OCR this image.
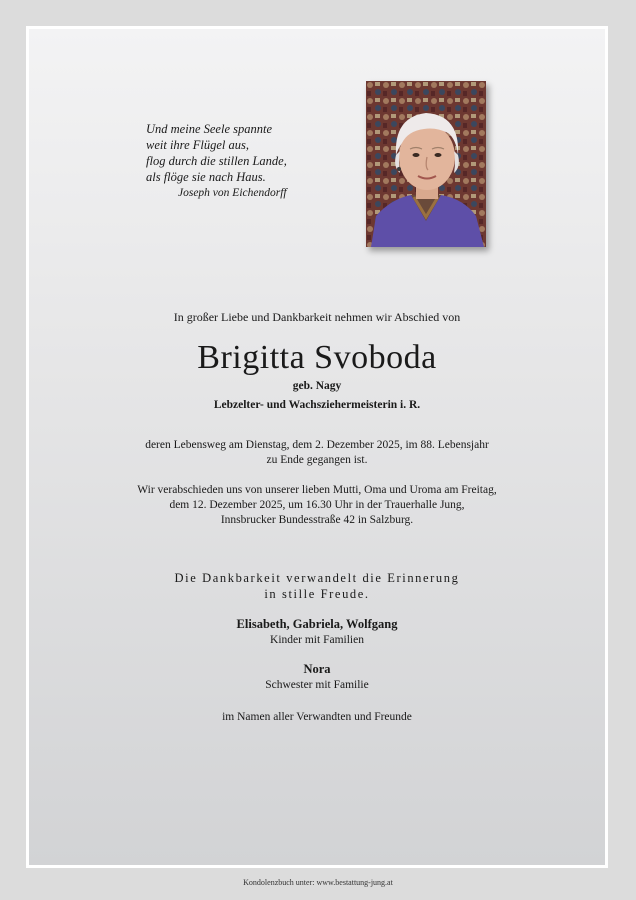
Und meine Seele spannte
weit ihre Flügel aus,
flog durch die stillen Lande,
als flöge sie nach Haus.
Joseph von Eichendorff
In großer Liebe und Dankbarkeit nehmen wir Abschied von
Brigitta Svoboda
geb. Nagy
Lebzelter- und Wachsziehermeisterin i. R.
deren Lebensweg am Dienstag, dem 2. Dezember 2025, im 88. Lebensjahr
zu Ende gegangen ist.
Wir verabschieden uns von unserer lieben Mutti, Oma und Uroma am Freitag,
dem 12. Dezember 2025, um 16.30 Uhr in der Trauerhalle Jung,
Innsbrucker Bundesstraße 42 in Salzburg.
Die Dankbarkeit verwandelt die Erinnerung
in stille Freude.
Elisabeth, Gabriela, Wolfgang
Kinder mit Familien
Nora
Schwester mit Familie
im Namen aller Verwandten und Freunde
Kondolenzbuch unter: www.bestattung-jung.at
